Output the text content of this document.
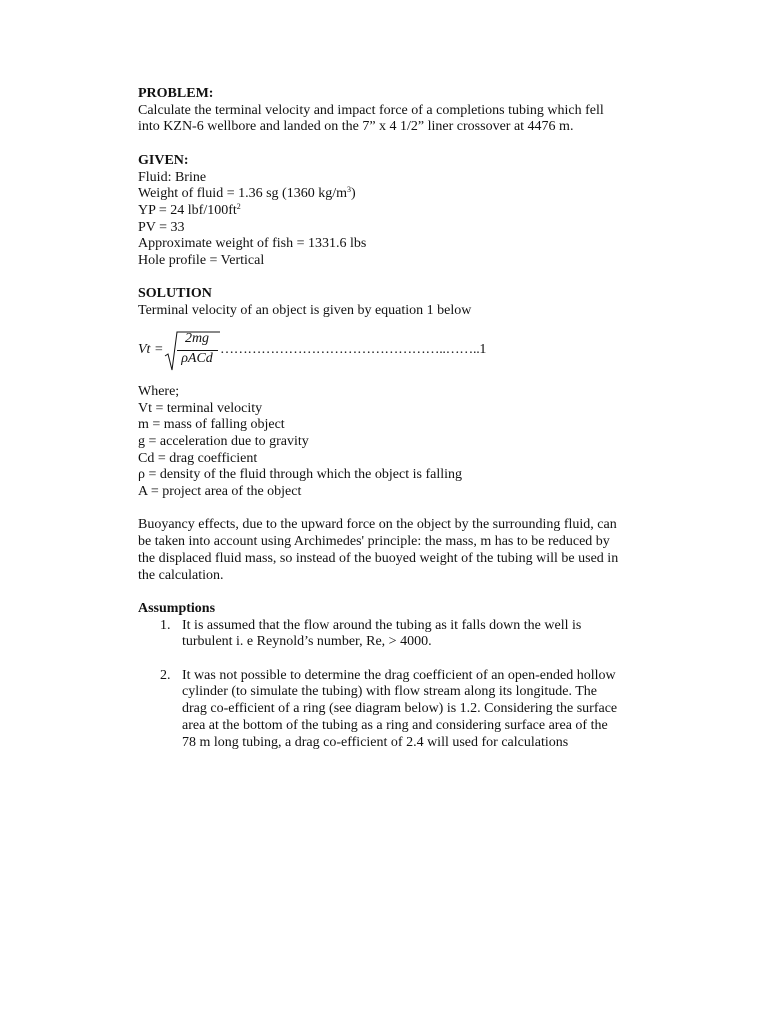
PROBLEM:
Calculate the terminal velocity and impact force of a completions tubing which fell
into KZN-6 wellbore and landed on the 7” x 4 1/2” liner crossover at 4476 m.
GIVEN:
Fluid: Brine
Weight of fluid = 1.36 sg (1360 $kg/m^3$)
YP = 24 lbf/$100ft^2$
PV = 33
Approximate weight of fish = 1331.6 lbs
Hole profile = Vertical
SOLUTION
Terminal velocity of an object is given by equation 1 below
Vt =
2mg
ρACd
…………………………………………..……..1
Where;
Vt = terminal velocity
m = mass of falling object
g = acceleration due to gravity
Cd = drag coefficient
ρ = density of the fluid through which the object is falling
A = project area of the object
Buoyancy effects, due to the upward force on the object by the surrounding fluid, can
be taken into account using Archimedes' principle: the mass, m has to be reduced by
the displaced fluid mass, so instead of the buoyed weight of the tubing will be used in
the calculation.
Assumptions
1. It is assumed that the flow around the tubing as it falls down the well is
turbulent i. e Reynold’s number, Re, > 4000.
2. It was not possible to determine the drag coefficient of an open-ended hollow
cylinder (to simulate the tubing) with flow stream along its longitude. The
drag co-efficient of a ring (see diagram below) is 1.2. Considering the surface
area at the bottom of the tubing as a ring and considering surface area of the
78 m long tubing, a drag co-efficient of 2.4 will used for calculations
